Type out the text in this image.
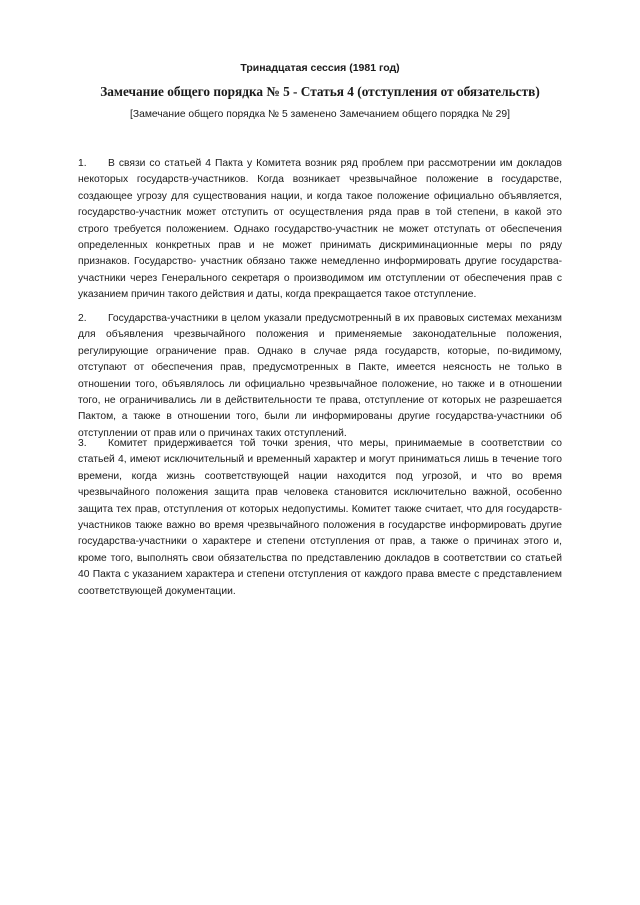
Тринадцатая сессия (1981 год)
Замечание общего порядка № 5 - Статья 4 (отступления от обязательств)
[Замечание общего порядка № 5 заменено Замечанием общего порядка № 29]

1. В связи со статьей 4 Пакта у Комитета возник ряд проблем при рассмотрении им докладов некоторых государств-участников. Когда возникает чрезвычайное положение в государстве, создающее угрозу для существования нации, и когда такое положение официально объявляется, государство-участник может отступить от осуществления ряда прав в той степени, в какой это строго требуется положением. Однако государство-участник не может отступать от обеспечения определенных конкретных прав и не может принимать дискриминационные меры по ряду признаков. Государство- участник обязано также немедленно информировать другие государства-участники через Генерального секретаря о производимом им отступлении от обеспечения прав с указанием причин такого действия и даты, когда прекращается такое отступление.

2. Государства-участники в целом указали предусмотренный в их правовых системах механизм для объявления чрезвычайного положения и применяемые законодательные положения, регулирующие ограничение прав. Однако в случае ряда государств, которые, по-видимому, отступают от обеспечения прав, предусмотренных в Пакте, имеется неясность не только в отношении того, объявлялось ли официально чрезвычайное положение, но также и в отношении того, не ограничивались ли в действительности те права, отступление от которых не разрешается Пактом, а также в отношении того, были ли информированы другие государства-участники об отступлении от прав или о причинах таких отступлений.

3. Комитет придерживается той точки зрения, что меры, принимаемые в соответствии со статьей 4, имеют исключительный и временный характер и могут приниматься лишь в течение того времени, когда жизнь соответствующей нации находится под угрозой, и что во время чрезвычайного положения защита прав человека становится исключительно важной, особенно защита тех прав, отступления от которых недопустимы. Комитет также считает, что для государств-участников также важно во время чрезвычайного положения в государстве информировать другие государства-участники о характере и степени отступления от прав, а также о причинах этого и, кроме того, выполнять свои обязательства по представлению докладов в соответствии со статьей 40 Пакта с указанием характера и степени отступления от каждого права вместе с представлением соответствующей документации.
